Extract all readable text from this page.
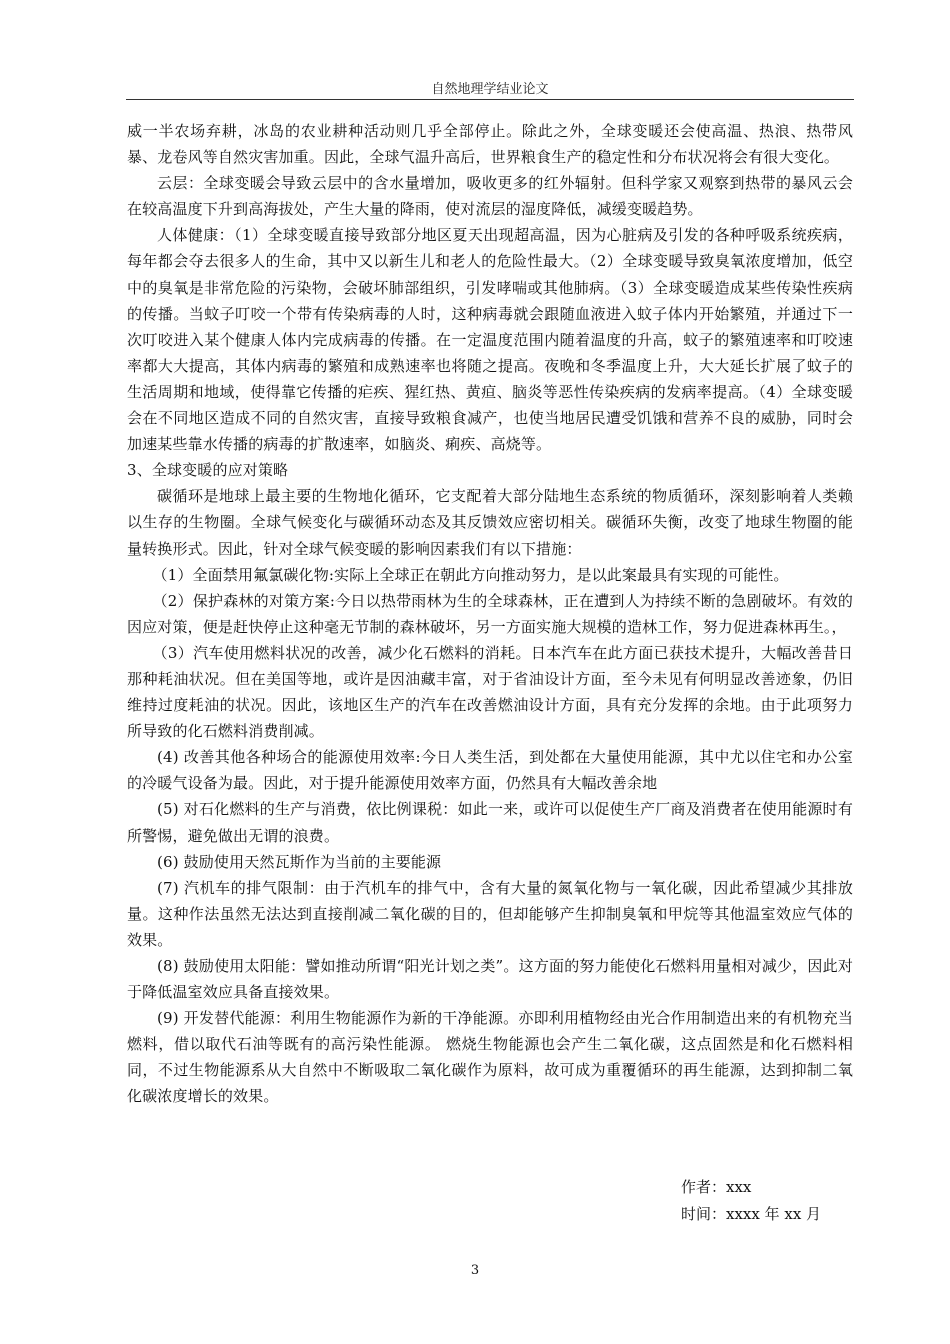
自然地理学结业论文

威一半农场弃耕，冰岛的农业耕种活动则几乎全部停止。除此之外，全球变暖还会使高温、热浪、热带风暴、龙卷风等自然灾害加重。因此，全球气温升高后，世界粮食生产的稳定性和分布状况将会有很大变化。

云层：全球变暖会导致云层中的含水量增加，吸收更多的红外辐射。但科学家又观察到热带的暴风云会在较高温度下升到高海拔处，产生大量的降雨，使对流层的湿度降低，减缓变暖趋势。

人体健康：（1）全球变暖直接导致部分地区夏天出现超高温，因为心脏病及引发的各种呼吸系统疾病，每年都会夺去很多人的生命，其中又以新生儿和老人的危险性最大。（2）全球变暖导致臭氧浓度增加，低空中的臭氧是非常危险的污染物，会破坏肺部组织，引发哮喘或其他肺病。（3）全球变暖造成某些传染性疾病的传播。当蚊子叮咬一个带有传染病毒的人时，这种病毒就会跟随血液进入蚊子体内开始繁殖，并通过下一次叮咬进入某个健康人体内完成病毒的传播。在一定温度范围内随着温度的升高，蚊子的繁殖速率和叮咬速率都大大提高，其体内病毒的繁殖和成熟速率也将随之提高。夜晚和冬季温度上升，大大延长扩展了蚊子的生活周期和地域，使得靠它传播的疟疾、猩红热、黄疸、脑炎等恶性传染疾病的发病率提高。（4）全球变暖会在不同地区造成不同的自然灾害，直接导致粮食减产，也使当地居民遭受饥饿和营养不良的威胁，同时会加速某些靠水传播的病毒的扩散速率，如脑炎、痢疾、高烧等。

3、全球变暖的应对策略

碳循环是地球上最主要的生物地化循环，它支配着大部分陆地生态系统的物质循环，深刻影响着人类赖以生存的生物圈。全球气候变化与碳循环动态及其反馈效应密切相关。碳循环失衡，改变了地球生物圈的能量转换形式。因此，针对全球气候变暖的影响因素我们有以下措施：

（1）全面禁用氟氯碳化物:实际上全球正在朝此方向推动努力，是以此案最具有实现的可能性。

（2）保护森林的对策方案:今日以热带雨林为生的全球森林，正在遭到人为持续不断的急剧破坏。有效的因应对策，便是赶快停止这种毫无节制的森林破坏，另一方面实施大规模的造林工作，努力促进森林再生。，

（3）汽车使用燃料状况的改善，减少化石燃料的消耗。日本汽车在此方面已获技术提升，大幅改善昔日那种耗油状况。但在美国等地，或许是因油藏丰富，对于省油设计方面，至今未见有何明显改善迹象，仍旧维持过度耗油的状况。因此，该地区生产的汽车在改善燃油设计方面，具有充分发挥的余地。由于此项努力所导致的化石燃料消费削减。

(4) 改善其他各种场合的能源使用效率:今日人类生活，到处都在大量使用能源，其中尤以住宅和办公室的冷暖气设备为最。因此，对于提升能源使用效率方面，仍然具有大幅改善余地

(5) 对石化燃料的生产与消费，依比例课税：如此一来，或许可以促使生产厂商及消费者在使用能源时有所警惕，避免做出无谓的浪费。

(6) 鼓励使用天然瓦斯作为当前的主要能源

(7) 汽机车的排气限制：由于汽机车的排气中，含有大量的氮氧化物与一氧化碳，因此希望减少其排放量。这种作法虽然无法达到直接削减二氧化碳的目的，但却能够产生抑制臭氧和甲烷等其他温室效应气体的效果。

(8) 鼓励使用太阳能：譬如推动所谓“阳光计划之类”。这方面的努力能使化石燃料用量相对减少，因此对于降低温室效应具备直接效果。

(9) 开发替代能源：利用生物能源作为新的干净能源。亦即利用植物经由光合作用制造出来的有机物充当燃料，借以取代石油等既有的高污染性能源。 燃烧生物能源也会产生二氧化碳，这点固然是和化石燃料相同，不过生物能源系从大自然中不断吸取二氧化碳作为原料，故可成为重覆循环的再生能源，达到抑制二氧化碳浓度增长的效果。

作者：xxx
时间：xxxx 年 xx 月
3
